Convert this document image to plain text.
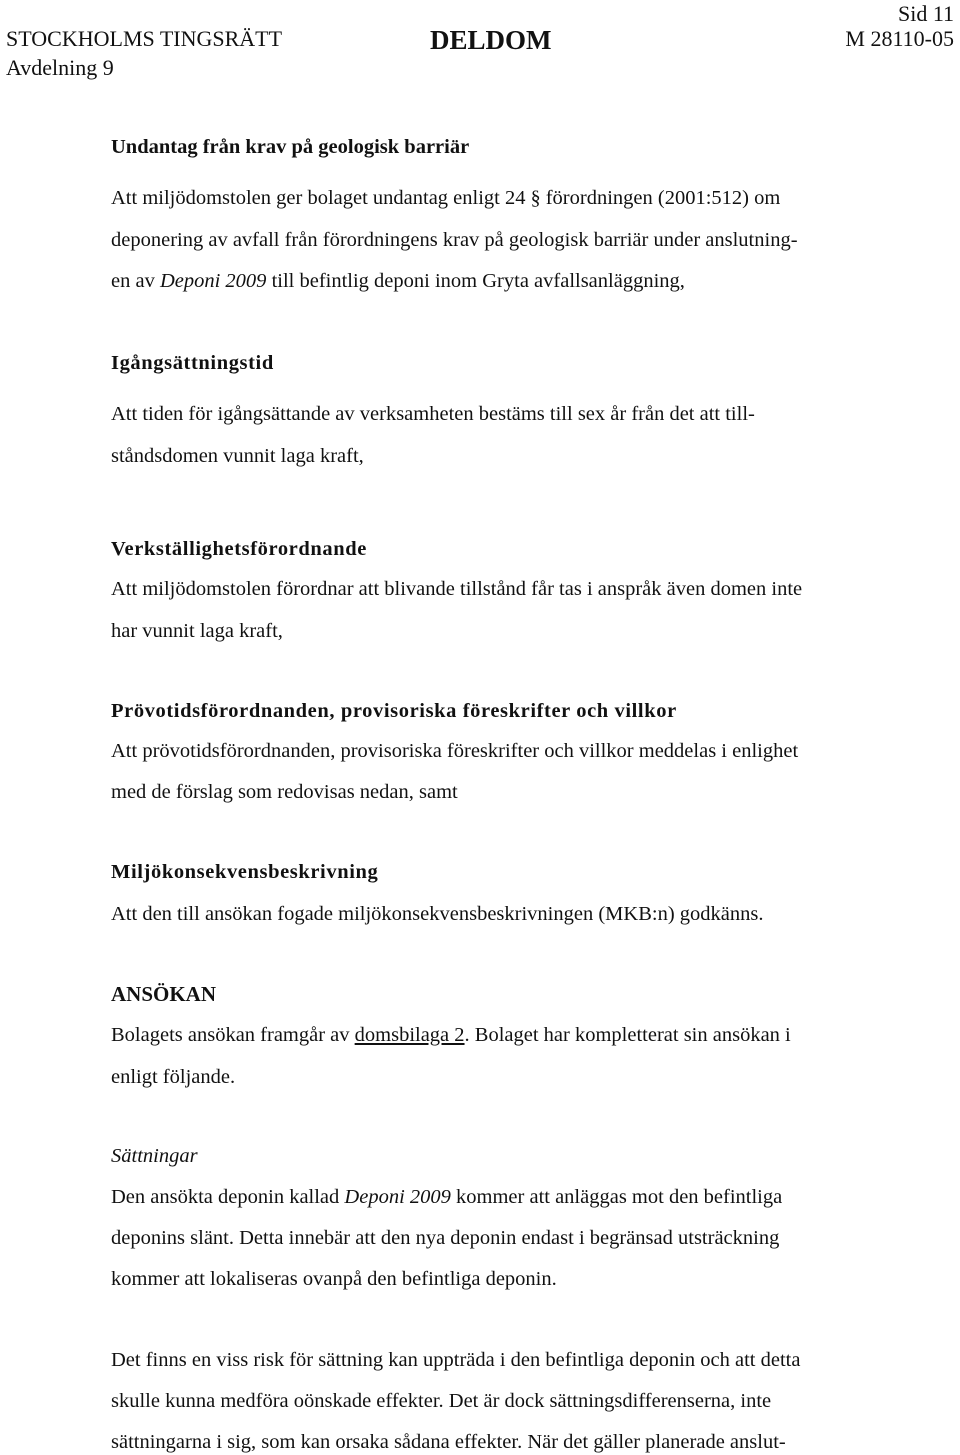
STOCKHOLMS TINGSRÄTT
Avdelning 9
DELDOM
Sid 11
M 28110-05
Undantag från krav på geologisk barriär
Att miljödomstolen ger bolaget undantag enligt 24 § förordningen (2001:512) om
deponering av avfall från förordningens krav på geologisk barriär under anslutning-
en av Deponi 2009 till befintlig deponi inom Gryta avfallsanläggning,
Igångsättningstid
Att tiden för igångsättande av verksamheten bestäms till sex år från det att till-
ståndsdomen vunnit laga kraft,
Verkställighetsförordnande
Att miljödomstolen förordnar att blivande tillstånd får tas i anspråk även domen inte
har vunnit laga kraft,
Prövotidsförordnanden, provisoriska föreskrifter och villkor
Att prövotidsförordnanden, provisoriska föreskrifter och villkor meddelas i enlighet
med de förslag som redovisas nedan, samt
Miljökonsekvensbeskrivning
Att den till ansökan fogade miljökonsekvensbeskrivningen (MKB:n) godkänns.
ANSÖKAN
Bolagets ansökan framgår av domsbilaga 2. Bolaget har kompletterat sin ansökan i
enligt följande.
Sättningar
Den ansökta deponin kallad Deponi 2009 kommer att anläggas mot den befintliga
deponins slänt. Detta innebär att den nya deponin endast i begränsad utsträckning
kommer att lokaliseras ovanpå den befintliga deponin.
Det finns en viss risk för sättning kan uppträda i den befintliga deponin och att detta
skulle kunna medföra oönskade effekter. Det är dock sättningsdifferenserna, inte
sättningarna i sig, som kan orsaka sådana effekter. När det gäller planerade anslut-
